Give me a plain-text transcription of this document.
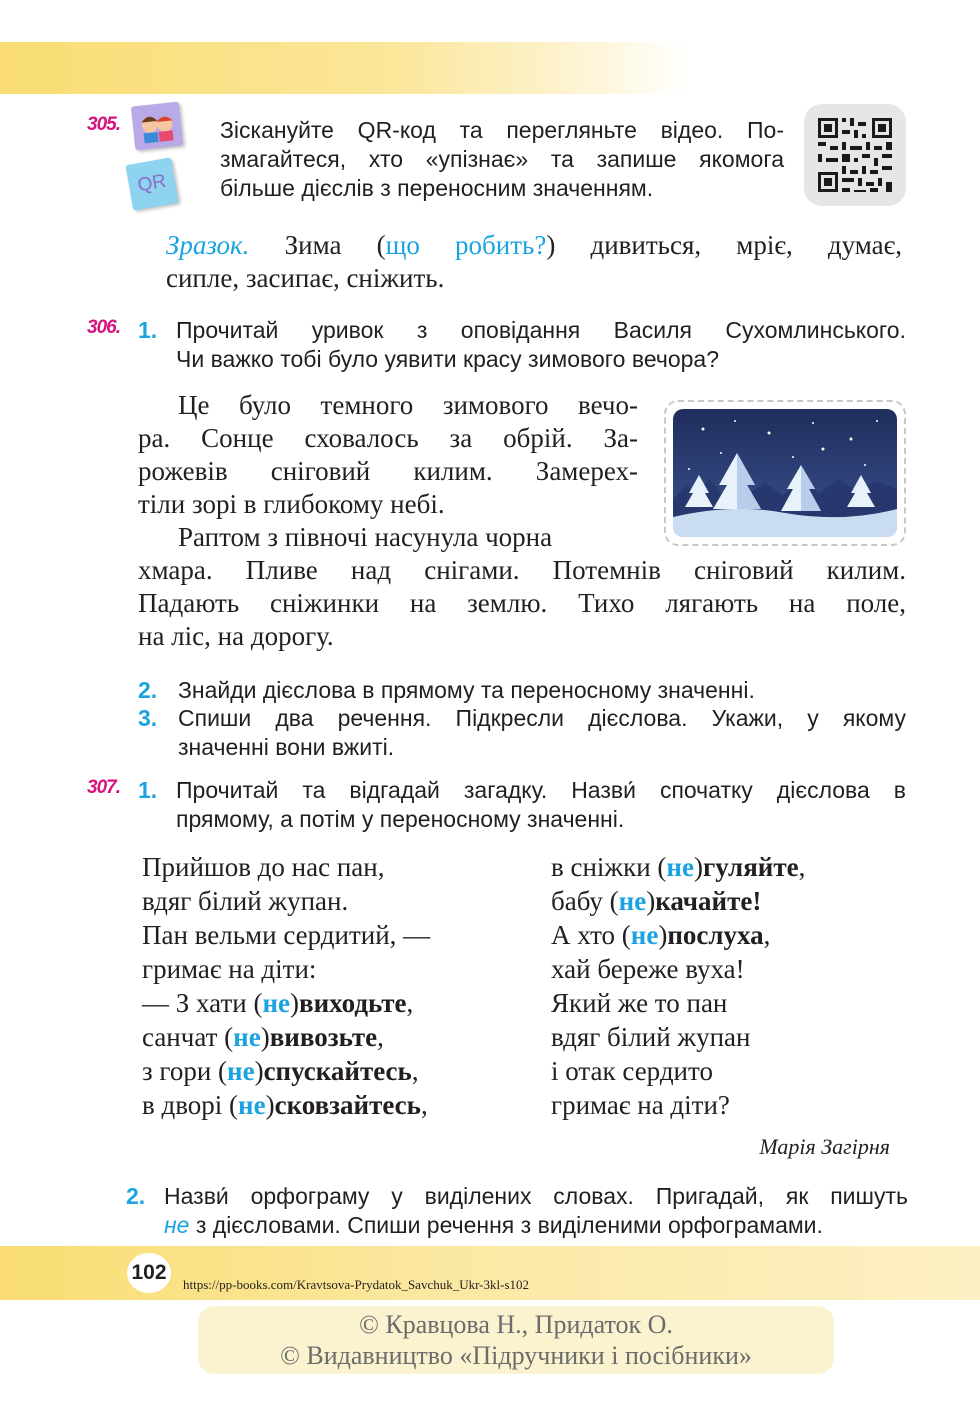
305.
QR
Зіскануйте QR-код та перегляньте відео. По-
змагайтеся, хто «упізнає» та запише якомога
більше дієслів з переносним значенням.
Зразок. Зима (що робить?) дивиться, мріє, думає,
сипле, засипає, сніжить.
306. 1. Прочитай уривок з оповідання Василя Сухомлинського.
Чи важко тобі було уявити красу зимового вечора?
Це було темного зимового вечо-
ра. Сонце сховалось за обрій. За-
рожевів сніговий килим. Замерех-
тіли зорі в глибокому небі.
Раптом з півночі насунула чорна
хмара. Пливе над снігами. Потемнів сніговий килим.
Падають сніжинки на землю. Тихо лягають на поле,
на ліс, на дорогу.
2. Знайди дієслова в прямому та переносному значенні.
3. Спиши два речення. Підкресли дієслова. Укажи, у якому
значенні вони вжиті.
307. 1. Прочитай та відгадай загадку. Назви́ спочатку дієслова в
прямому, а потім у переносному значенні.
Прийшов до нас пан,
вдяг білий жупан.
Пан вельми сердитий, —
гримає на діти:
— З хати (не)виходьте,
санчат (не)вивозьте,
з гори (не)спускайтесь,
в дворі (не)сковзайтесь,
в сніжки (не)гуляйте,
бабу (не)качайте!
А хто (не)послуха,
хай береже вуха!
Який же то пан
вдяг білий жупан
і отак сердито
гримає на діти?
Марія Загірня
2. Назви́ орфограму у виділених словах. Пригадай, як пишуть
не з дієсловами. Спиши речення з виділеними орфограмами.
102
https://pp-books.com/Kravtsova-Prydatok_Savchuk_Ukr-3kl-s102
© Кравцова Н., Придаток О.
© Видавництво «Підручники і посібники»
